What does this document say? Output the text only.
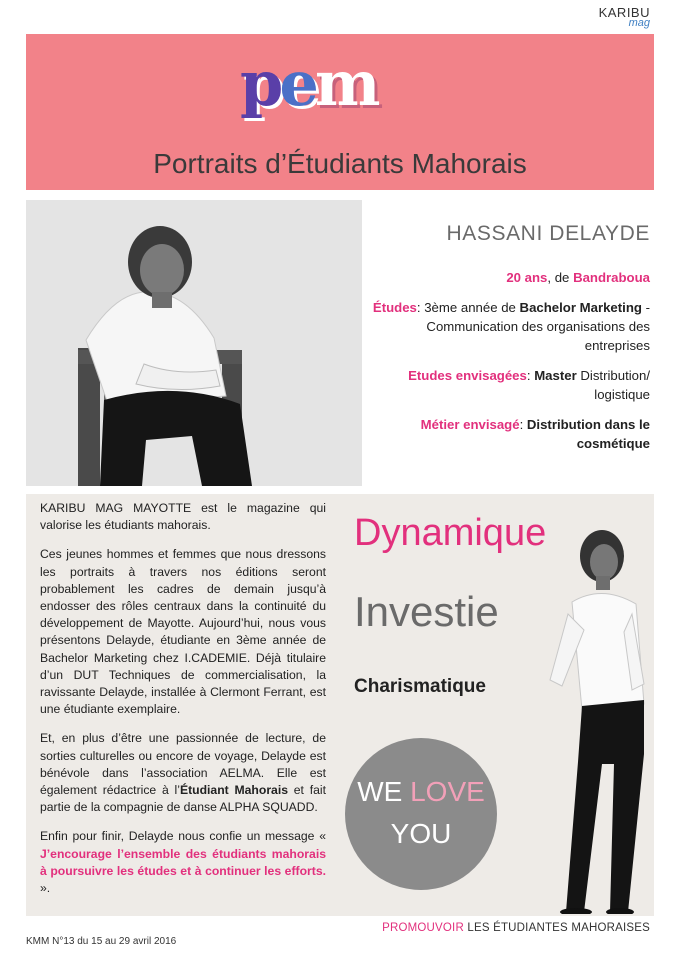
KARIBU
mag
pem
Portraits d’Étudiants Mahorais
HASSANI DELAYDE

20 ans, de Bandraboua

Études: 3ème année de Bachelor Marketing -Communication des organisations des entreprises

Etudes envisagées: Master Distribution/ logistique

Métier envisagé: Distribution dans le cosmétique

KARIBU MAG MAYOTTE est le magazine qui valorise les étudiants mahorais.

Ces jeunes hommes et femmes que nous dressons les portraits à travers nos éditions seront probablement les cadres de demain jusqu’à endosser des rôles centraux dans la continuité du développement de Mayotte. Aujourd’hui, nous vous présentons Delayde, étudiante en 3ème année de Bachelor Marketing chez I.CADEMIE. Déjà titulaire d’un DUT Techniques de commercialisation, la ravissante Delayde, installée à Clermont Ferrant, est une étudiante exemplaire.

Et, en plus d’être une passionnée de lecture, de sorties culturelles ou encore de voyage, Delayde est bénévole dans l’association AELMA. Elle est également rédactrice à l’Étudiant Mahorais et fait partie de la compagnie de danse ALPHA SQUADD.

Enfin pour finir, Delayde nous confie un message « J’encourage l’ensemble des étudiants mahorais à poursuivre les études et à continuer les efforts. ».

Dynamique
Investie
Charismatique
WE LOVE
YOU
PROMOUVOIR LES ÉTUDIANTES MAHORAISES
KMM N°13 du 15 au 29 avril 2016
